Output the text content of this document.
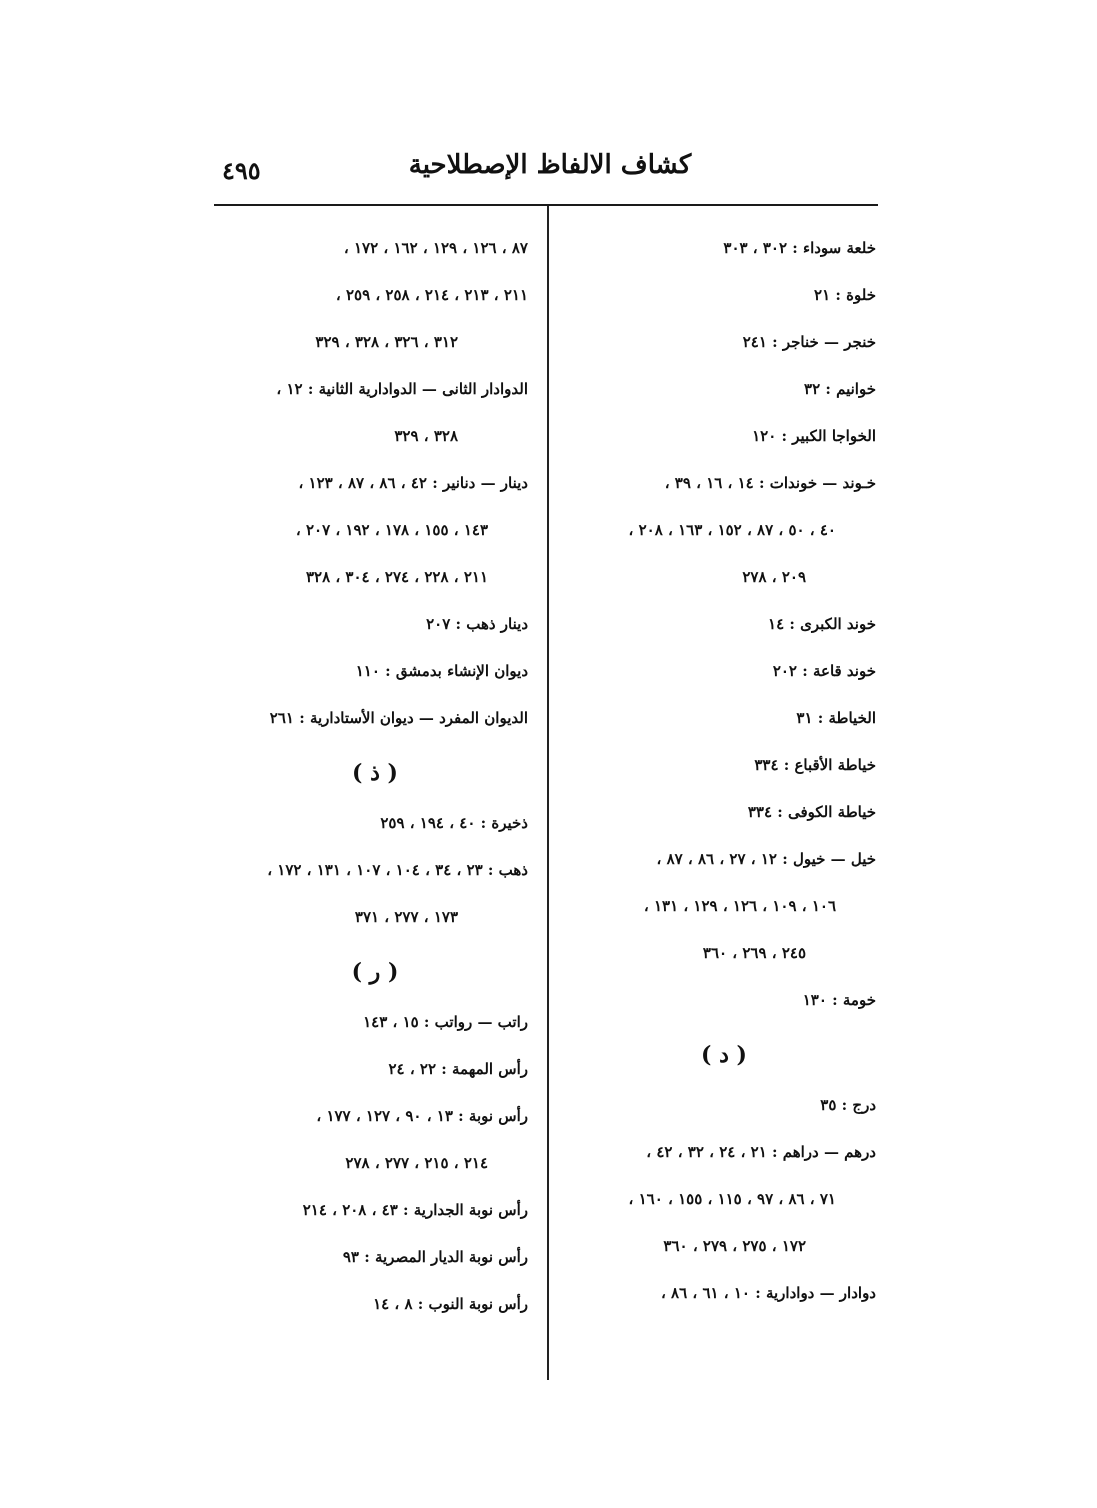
كشاف الالفاظ الإصطلاحية
٤٩٥
خلعة سوداء : ٣٠٢ ، ٣٠٣
خلوة : ٢١
خنجر — خناجر : ٢٤١
خوانيم : ٣٢
الخواجا الكبير : ١٢٠
خـوند — خوندات : ١٤ ، ١٦ ، ٣٩ ،
٤٠ ، ٥٠ ، ٨٧ ، ١٥٢ ، ١٦٣ ، ٢٠٨ ،
٢٠٩ ، ٢٧٨
خوند الكبرى : ١٤
خوند قاعة : ٢٠٢
الخياطة : ٣١
خياطة الأقباع : ٣٣٤
خياطة الكوفى : ٣٣٤
خيل — خيول : ١٢ ، ٢٧ ، ٨٦ ، ٨٧ ،
١٠٦ ، ١٠٩ ، ١٢٦ ، ١٢٩ ، ١٣١ ،
٢٤٥ ، ٢٦٩ ، ٣٦٠
خومة : ١٣٠
( د )
درج : ٣٥
درهم — دراهم : ٢١ ، ٢٤ ، ٣٢ ، ٤٢ ،
٧١ ، ٨٦ ، ٩٧ ، ١١٥ ، ١٥٥ ، ١٦٠ ،
١٧٢ ، ٢٧٥ ، ٢٧٩ ، ٣٦٠
دوادار — دوادارية : ١٠ ، ٦١ ، ٨٦ ،
٨٧ ، ١٢٦ ، ١٢٩ ، ١٦٢ ، ١٧٢ ،
٢١١ ، ٢١٣ ، ٢١٤ ، ٢٥٨ ، ٢٥٩ ،
٣١٢ ، ٣٢٦ ، ٣٢٨ ، ٣٢٩
الدوادار الثانى — الدوادارية الثانية : ١٢ ،
٣٢٨ ، ٣٢٩
دينار — دنانير : ٤٢ ، ٨٦ ، ٨٧ ، ١٢٣ ،
١٤٣ ، ١٥٥ ، ١٧٨ ، ١٩٢ ، ٢٠٧ ،
٢١١ ، ٢٢٨ ، ٢٧٤ ، ٣٠٤ ، ٣٢٨
دينار ذهب : ٢٠٧
ديوان الإنشاء بدمشق : ١١٠
الديوان المفرد — ديوان الأستادارية : ٢٦١
( ذ )
ذخيرة : ٤٠ ، ١٩٤ ، ٢٥٩
ذهب : ٢٣ ، ٣٤ ، ١٠٤ ، ١٠٧ ، ١٣١ ، ١٧٢ ،
١٧٣ ، ٢٧٧ ، ٣٧١
( ر )
راتب — رواتب : ١٥ ، ١٤٣
رأس المهمة : ٢٢ ، ٢٤
رأس نوبة : ١٣ ، ٩٠ ، ١٢٧ ، ١٧٧ ،
٢١٤ ، ٢١٥ ، ٢٧٧ ، ٢٧٨
رأس نوبة الجدارية : ٤٣ ، ٢٠٨ ، ٢١٤
رأس نوبة الديار المصرية : ٩٣
رأس نوبة النوب : ٨ ، ١٤
